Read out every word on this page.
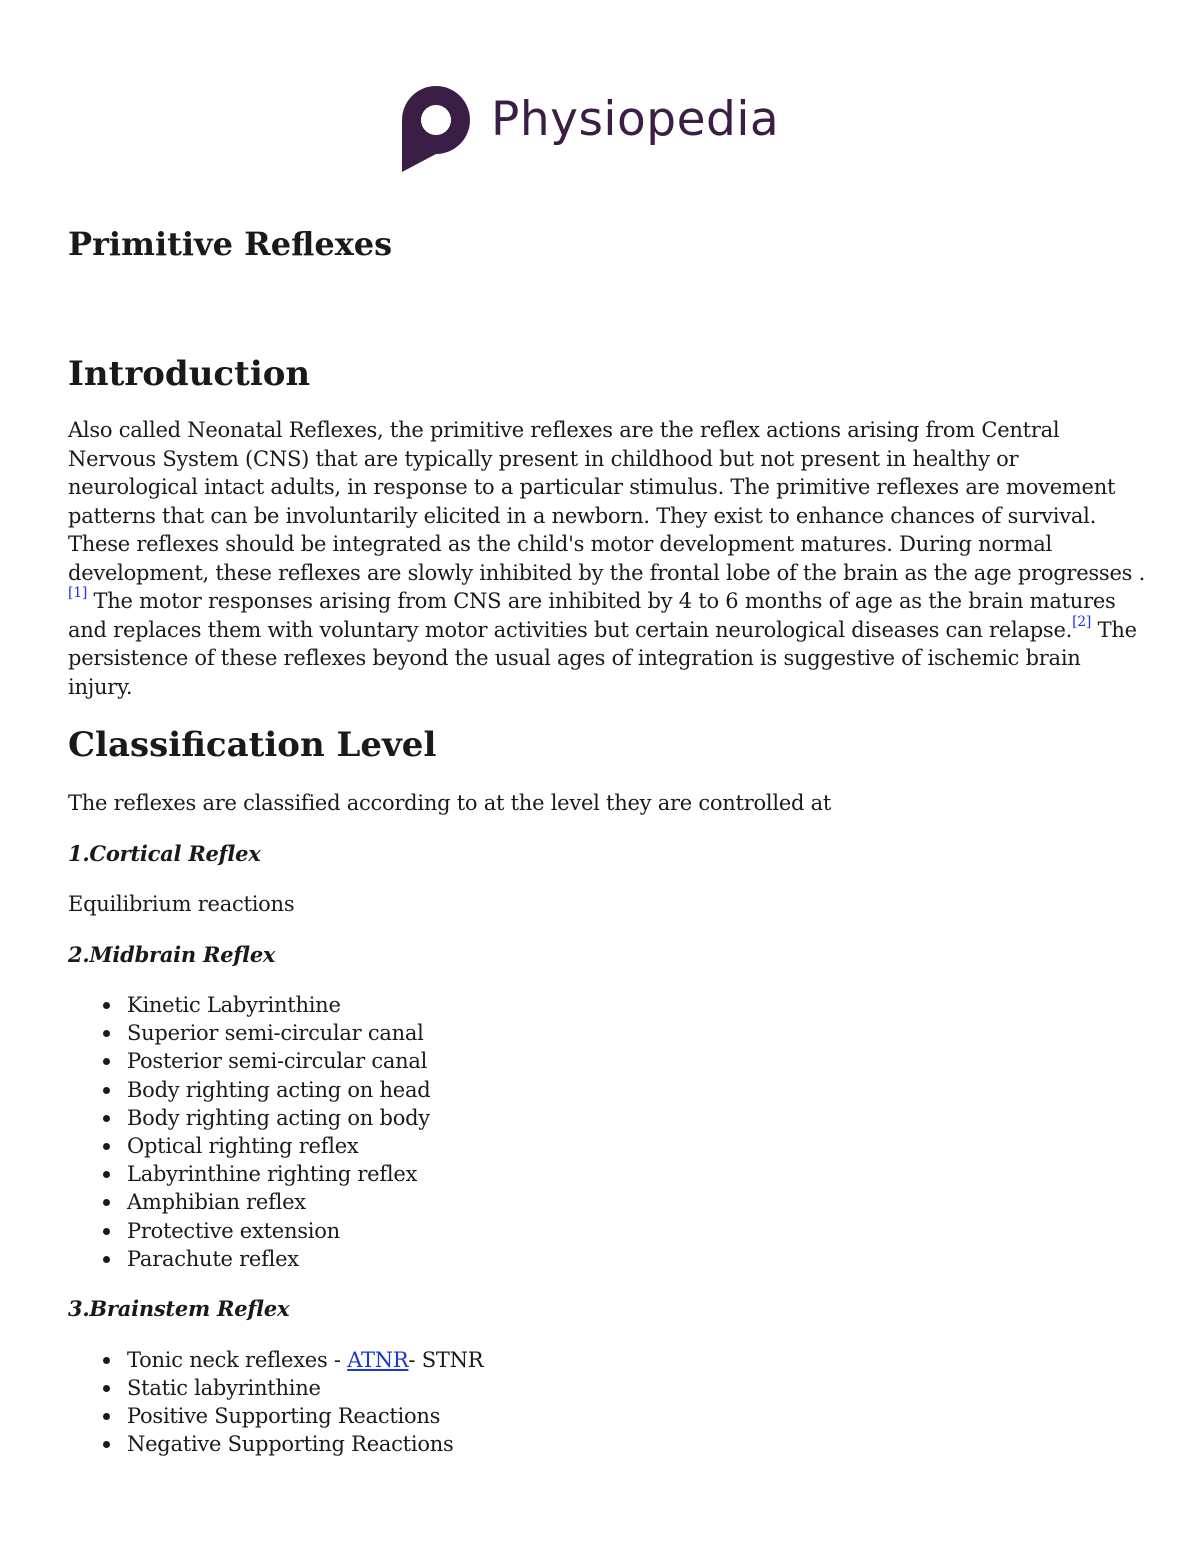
Physiopedia
Primitive Reflexes
Introduction

Also called Neonatal Reflexes, the primitive reflexes are the reflex actions arising from Central Nervous System (CNS) that are typically present in childhood but not present in healthy or neurological intact adults, in response to a particular stimulus. The primitive reflexes are movement patterns that can be involuntarily elicited in a newborn. They exist to enhance chances of survival. These reflexes should be integrated as the child's motor development matures. During normal development, these reflexes are slowly inhibited by the frontal lobe of the brain as the age progresses .[1] The motor responses arising from CNS are inhibited by 4 to 6 months of age as the brain matures and replaces them with voluntary motor activities but certain neurological diseases can relapse.[2] The persistence of these reflexes beyond the usual ages of integration is suggestive of ischemic brain injury.

Classification Level

The reflexes are classified according to at the level they are controlled at

1.Cortical Reflex

Equilibrium reactions

2.Midbrain Reflex

Kinetic Labyrinthine
Superior semi-circular canal
Posterior semi-circular canal
Body righting acting on head
Body righting acting on body
Optical righting reflex
Labyrinthine righting reflex
Amphibian reflex
Protective extension
Parachute reflex

3.Brainstem Reflex

Tonic neck reflexes - ATNR- STNR
Static labyrinthine
Positive Supporting Reactions
Negative Supporting Reactions
